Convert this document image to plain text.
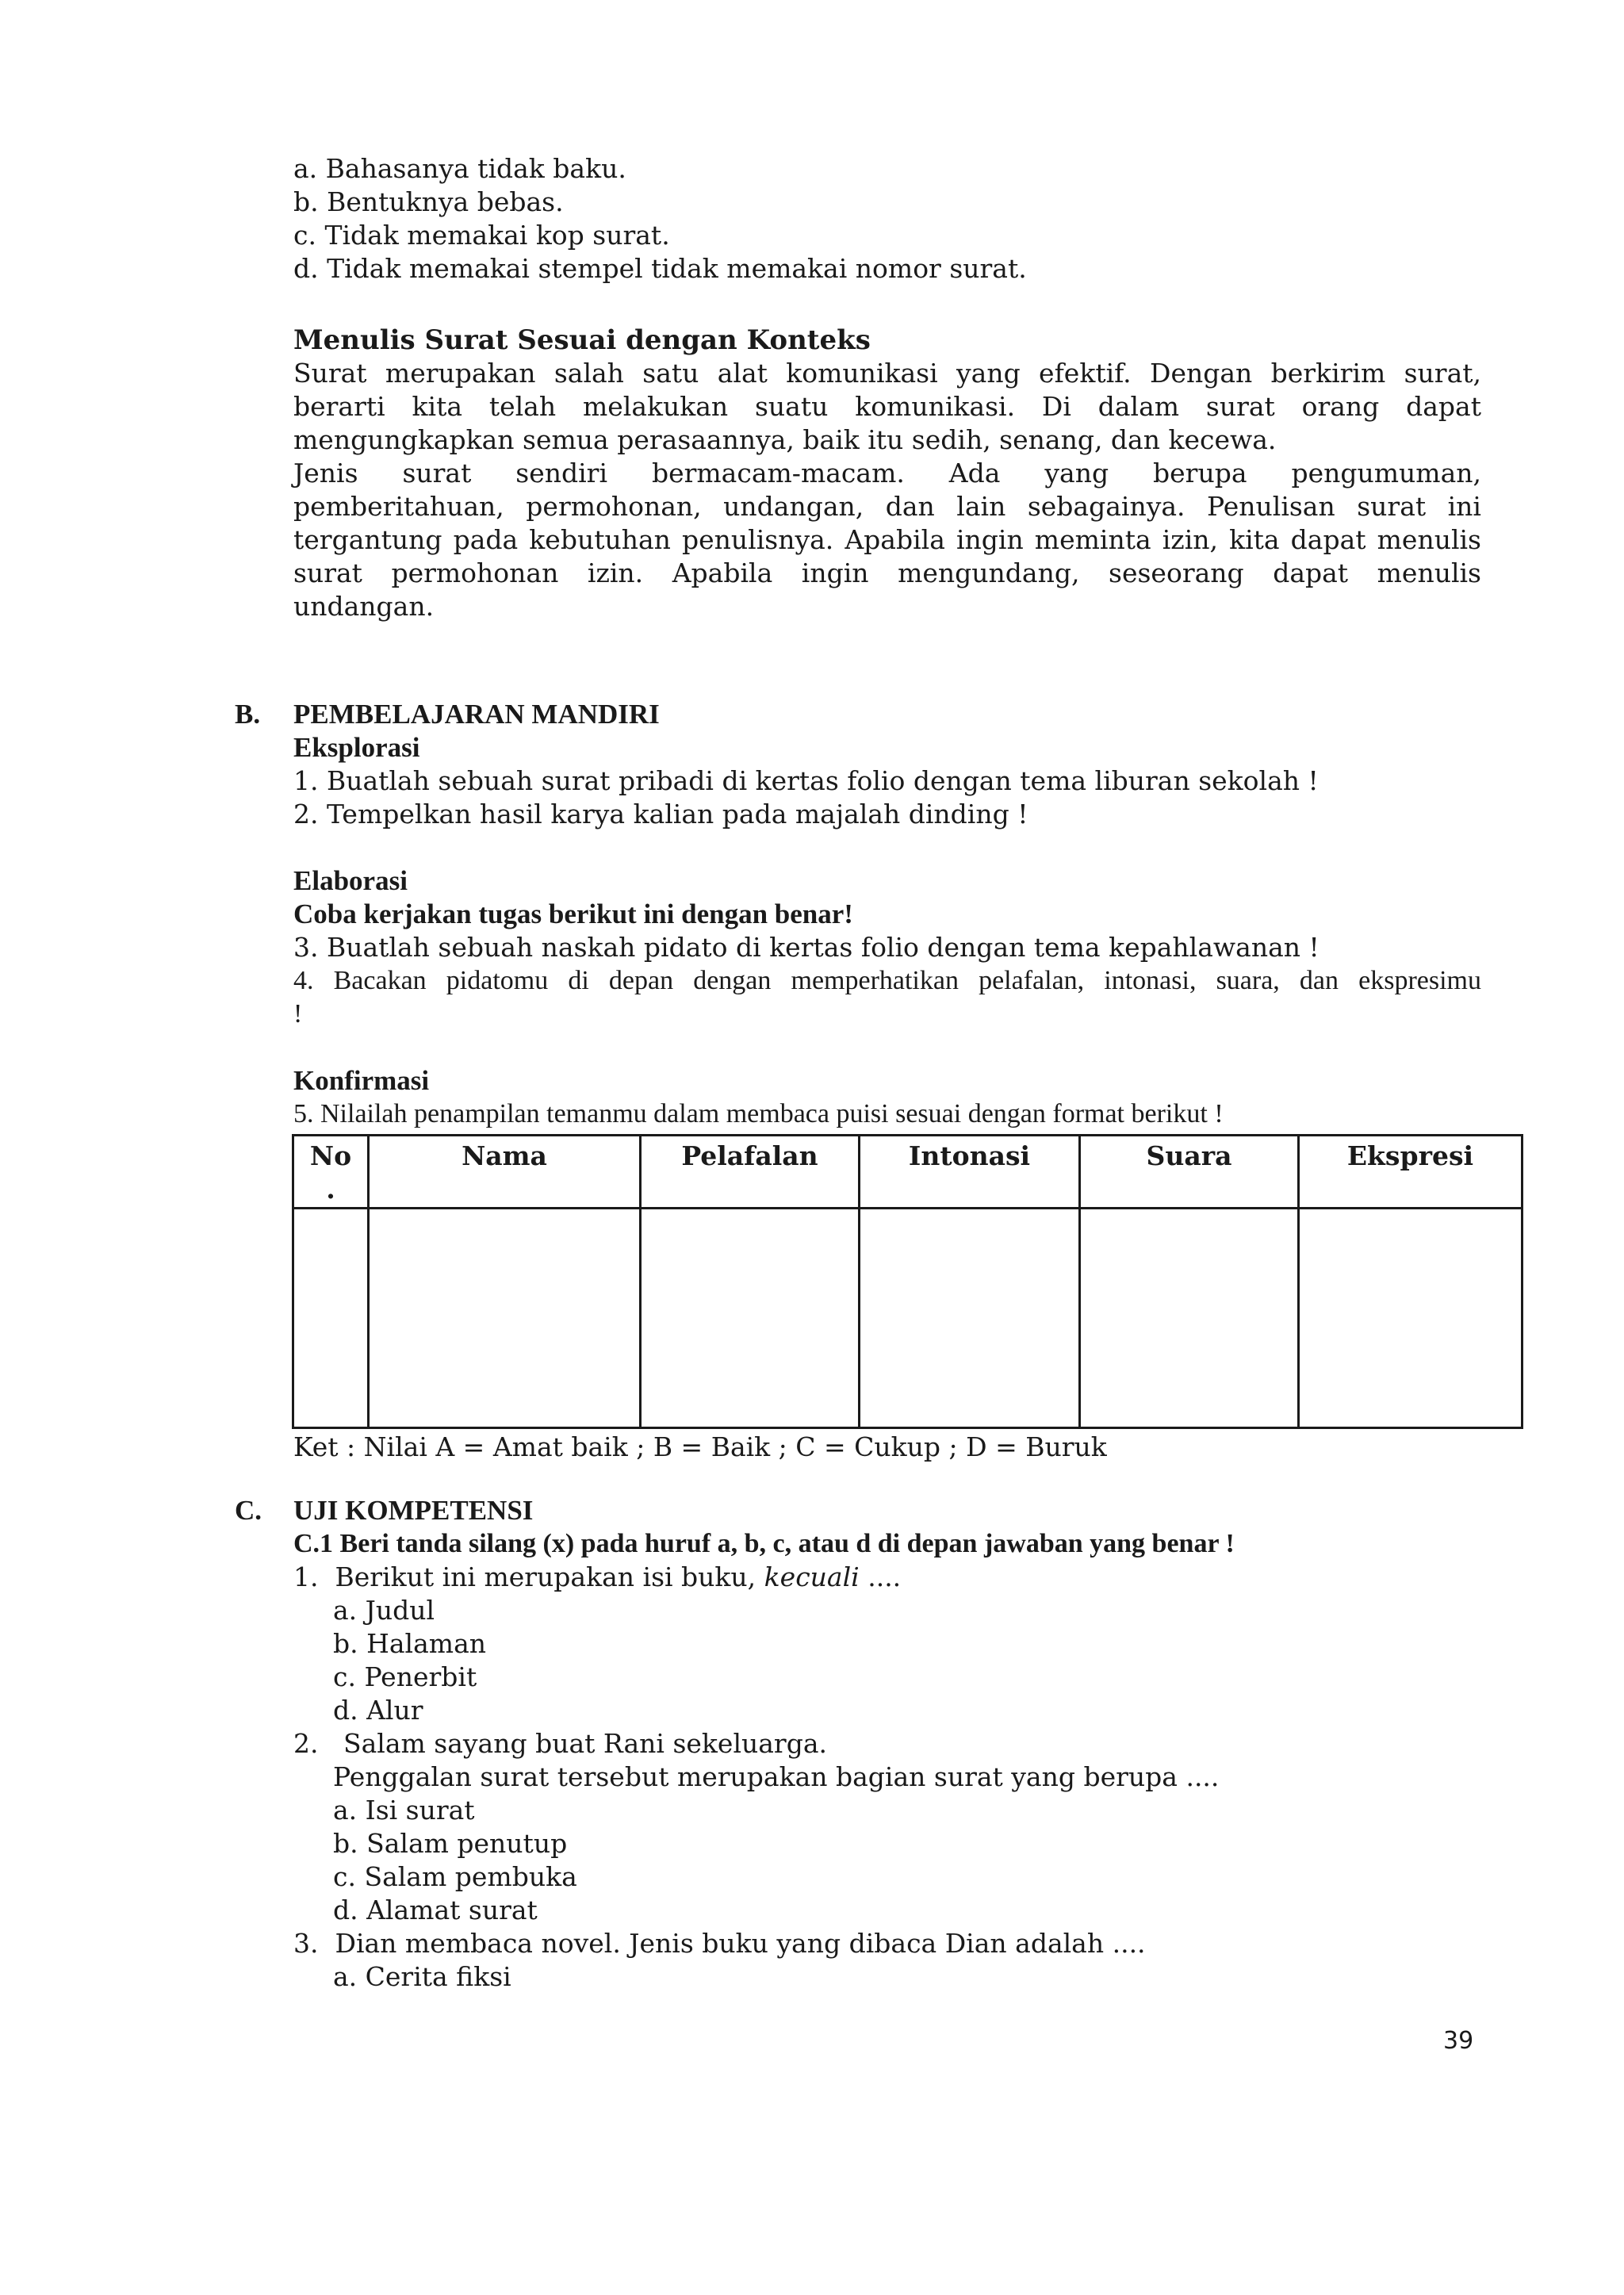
a. Bahasanya tidak baku.
b. Bentuknya bebas.
c. Tidak memakai kop surat.
d. Tidak memakai stempel tidak memakai nomor surat.
Menulis Surat Sesuai dengan Konteks
Surat merupakan salah satu alat komunikasi yang efektif. Dengan berkirim surat,
berarti kita telah melakukan suatu komunikasi. Di dalam surat orang dapat
mengungkapkan semua perasaannya, baik itu sedih, senang, dan kecewa.
Jenis surat sendiri bermacam-macam. Ada yang berupa pengumuman,
pemberitahuan, permohonan, undangan, dan lain sebagainya. Penulisan surat ini
tergantung pada kebutuhan penulisnya. Apabila ingin meminta izin, kita dapat menulis
surat permohonan izin. Apabila ingin mengundang, seseorang dapat menulis
undangan.
B. PEMBELAJARAN MANDIRI
Eksplorasi
1. Buatlah sebuah surat pribadi di kertas folio dengan tema liburan sekolah !
2. Tempelkan hasil karya kalian pada majalah dinding !
Elaborasi
Coba kerjakan tugas berikut ini dengan benar!
3. Buatlah sebuah naskah pidato di kertas folio dengan tema kepahlawanan !
4. Bacakan pidatomu di depan dengan memperhatikan pelafalan, intonasi, suara, dan ekspresimu
!
Konfirmasi
5. Nilailah penampilan temanmu dalam membaca puisi sesuai dengan format berikut !
No
.	Nama	Pelafalan	Intonasi	Suara	Ekspresi

Ket : Nilai A = Amat baik ; B = Baik ; C = Cukup ; D = Buruk
C. UJI KOMPETENSI
C.1 Beri tanda silang (x) pada huruf a, b, c, atau d di depan jawaban yang benar !
1. Berikut ini merupakan isi buku, kecuali ....
a. Judul
b. Halaman
c. Penerbit
d. Alur
2. Salam sayang buat Rani sekeluarga.
Penggalan surat tersebut merupakan bagian surat yang berupa ....
a. Isi surat
b. Salam penutup
c. Salam pembuka
d. Alamat surat
3. Dian membaca novel. Jenis buku yang dibaca Dian adalah ....
a. Cerita fiksi
39
